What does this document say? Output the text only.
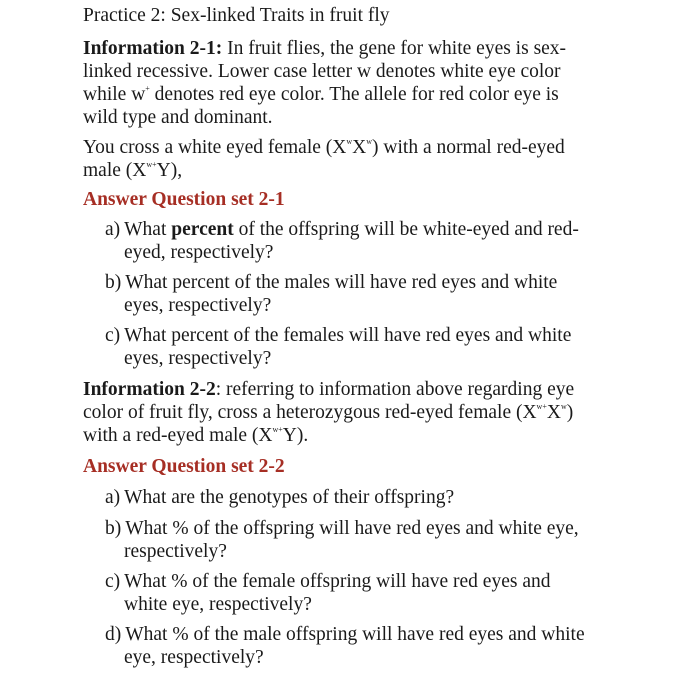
Practice 2: Sex-linked Traits in fruit fly
Information 2-1: In fruit flies, the gene for white eyes is sex-
linked recessive. Lower case letter w denotes white eye color
while w+ denotes red eye color. The allele for red color eye is
wild type and dominant.
You cross a white eyed female $(X^wX^w)$ with a normal red-eyed
male $(X^{w+}Y)$,
Answer Question set 2-1
a) What percent of the offspring will be white-eyed and red-
eyed, respectively?
b) What percent of the males will have red eyes and white
eyes, respectively?
c) What percent of the females will have red eyes and white
eyes, respectively?
Information 2-2: referring to information above regarding eye
color of fruit fly, cross a heterozygous red-eyed female $(X^{w+}X^w)$
with a red-eyed male $(X^{w+}Y)$.
Answer Question set 2-2
a) What are the genotypes of their offspring?
b) What % of the offspring will have red eyes and white eye,
respectively?
c) What % of the female offspring will have red eyes and
white eye, respectively?
d) What % of the male offspring will have red eyes and white
eye, respectively?
